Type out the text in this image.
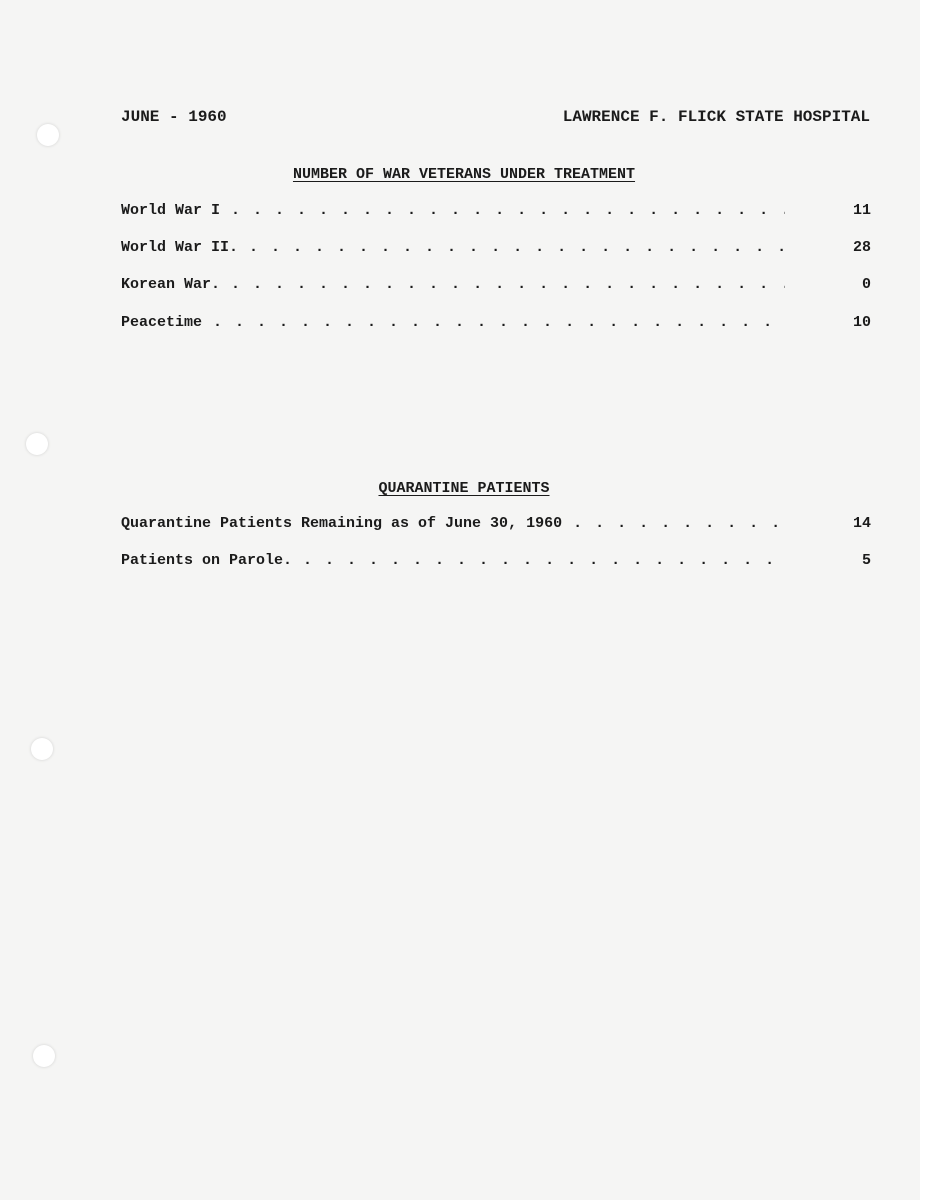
JUNE - 1960	LAWRENCE F. FLICK STATE HOSPITAL
NUMBER OF WAR VETERANS UNDER TREATMENT
World War I . . .	11
World War II. . . .	28
Korean War. . . .	0
Peacetime . . .	10
QUARANTINE PATIENTS
Quarantine Patients Remaining as of June 30, 1960 . . .	14
Patients on Parole. . . .	5
